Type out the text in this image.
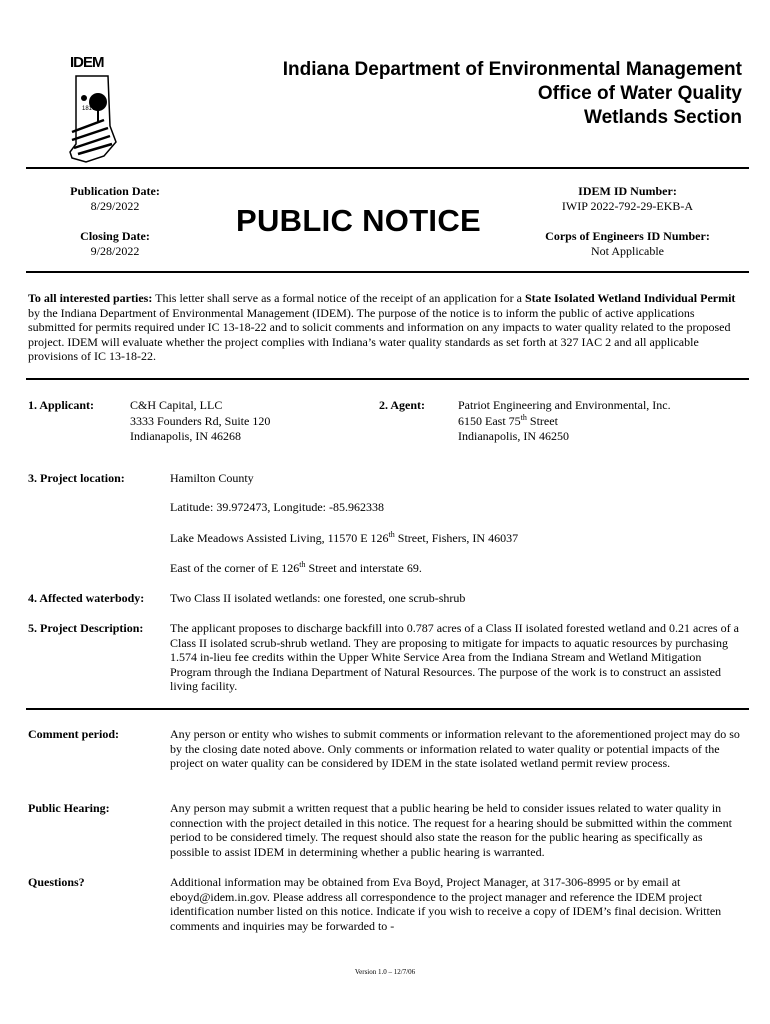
IDEM
1816
Indiana Department of Environmental Management
Office of Water Quality
Wetlands Section
Publication Date:
8/29/2022
Closing Date:
9/28/2022
PUBLIC NOTICE
IDEM ID Number:
IWIP 2022-792-29-EKB-A
Corps of Engineers ID Number:
Not Applicable
To all interested parties: This letter shall serve as a formal notice of the receipt of an application for a State Isolated Wetland Individual Permit by the Indiana Department of Environmental Management (IDEM). The purpose of the notice is to inform the public of active applications submitted for permits required under IC 13-18-22 and to solicit comments and information on any impacts to water quality related to the proposed project. IDEM will evaluate whether the project complies with Indiana’s water quality standards as set forth at 327 IAC 2 and all applicable provisions of IC 13-18-22.
1. Applicant:	C&H Capital, LLC
3333 Founders Rd, Suite 120
Indianapolis, IN 46268
2. Agent:	Patriot Engineering and Environmental, Inc.
6150 East 75th Street
Indianapolis, IN 46250
3. Project location:	Hamilton County
Latitude: 39.972473, Longitude: -85.962338
Lake Meadows Assisted Living, 11570 E 126th Street, Fishers, IN 46037
East of the corner of E 126th Street and interstate 69.
4. Affected waterbody: Two Class II isolated wetlands: one forested, one scrub-shrub
5. Project Description: The applicant proposes to discharge backfill into 0.787 acres of a Class II isolated forested wetland and 0.21 acres of a Class II isolated scrub-shrub wetland. They are proposing to mitigate for impacts to aquatic resources by purchasing 1.574 in-lieu fee credits within the Upper White Service Area from the Indiana Stream and Wetland Mitigation Program through the Indiana Department of Natural Resources. The purpose of the work is to construct an assisted living facility.
Comment period:	Any person or entity who wishes to submit comments or information relevant to the aforementioned project may do so by the closing date noted above. Only comments or information related to water quality or potential impacts of the project on water quality can be considered by IDEM in the state isolated wetland permit review process.
Public Hearing:	Any person may submit a written request that a public hearing be held to consider issues related to water quality in connection with the project detailed in this notice. The request for a hearing should be submitted within the comment period to be considered timely. The request should also state the reason for the public hearing as specifically as possible to assist IDEM in determining whether a public hearing is warranted.
Questions?	Additional information may be obtained from Eva Boyd, Project Manager, at 317-306-8995 or by email at eboyd@idem.in.gov. Please address all correspondence to the project manager and reference the IDEM project identification number listed on this notice. Indicate if you wish to receive a copy of IDEM’s final decision. Written comments and inquiries may be forwarded to -
Version 1.0 – 12/7/06
